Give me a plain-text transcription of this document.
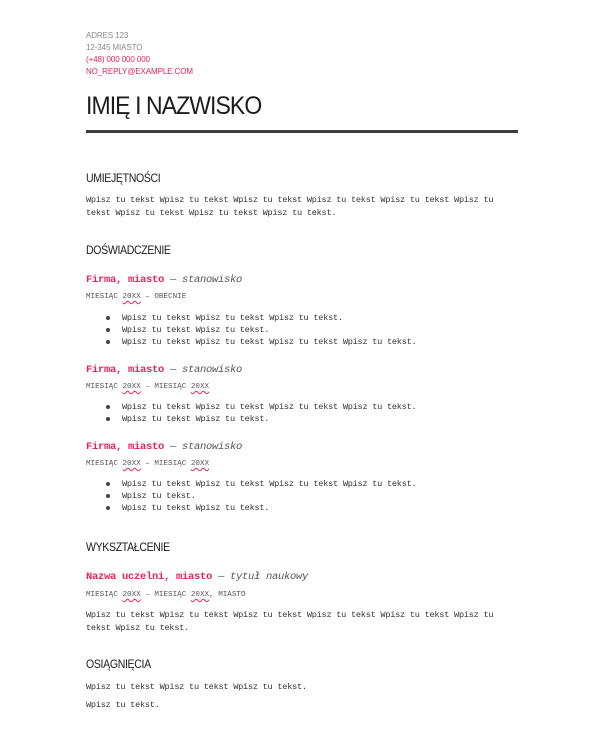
ADRES 123
12-345 MIASTO
(+48) 000 000 000
NO_REPLY@EXAMPLE.COM
IMIĘ I NAZWISKO
UMIEJĘTNOŚCI
Wpisz tu tekst Wpisz tu tekst Wpisz tu tekst Wpisz tu tekst Wpisz tu tekst Wpisz tu tekst Wpisz tu tekst Wpisz tu tekst Wpisz tu tekst.
DOŚWIADCZENIE
Firma, miasto — stanowisko
MIESIĄC 20XX – OBECNIE
Wpisz tu tekst Wpisz tu tekst Wpisz tu tekst.
Wpisz tu tekst Wpisz tu tekst.
Wpisz tu tekst Wpisz tu tekst Wpisz tu tekst Wpisz tu tekst.
Firma, miasto — stanowisko
MIESIĄC 20XX – MIESIĄC 20XX
Wpisz tu tekst Wpisz tu tekst Wpisz tu tekst Wpisz tu tekst.
Wpisz tu tekst Wpisz tu tekst.
Firma, miasto — stanowisko
MIESIĄC 20XX – MIESIĄC 20XX
Wpisz tu tekst Wpisz tu tekst Wpisz tu tekst Wpisz tu tekst.
Wpisz tu tekst.
Wpisz tu tekst Wpisz tu tekst.
WYKSZTAŁCENIE
Nazwa uczelni, miasto — tytuł naukowy
MIESIĄC 20XX – MIESIĄC 20XX, MIASTO
Wpisz tu tekst Wpisz tu tekst Wpisz tu tekst Wpisz tu tekst Wpisz tu tekst Wpisz tu tekst Wpisz tu tekst.
OSIĄGNIĘCIA
Wpisz tu tekst Wpisz tu tekst Wpisz tu tekst.
Wpisz tu tekst.
